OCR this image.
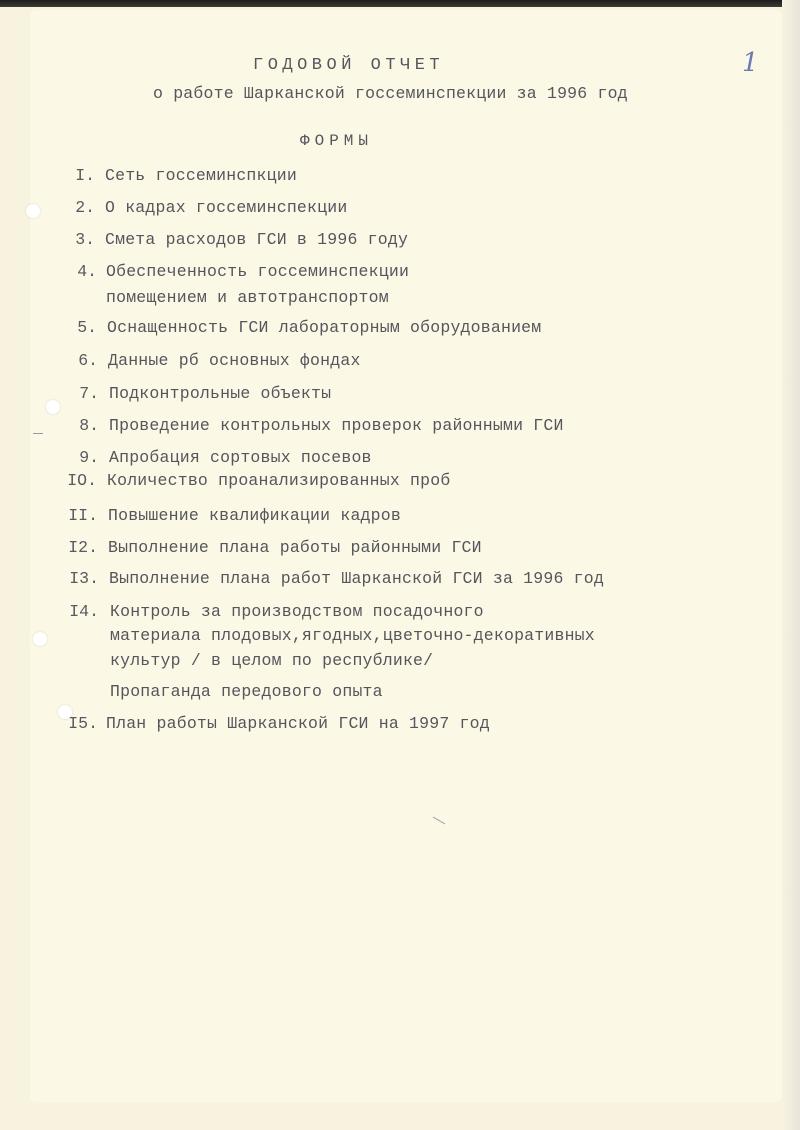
ГОДОВОЙ ОТЧЕТ
о работе Шарканской госсеминспекции за 1996 год
1
ФОРМЫ
I. Сеть госсеминспкции
2. О кадрах госсеминспекции
3. Смета расходов ГСИ в 1996 году
4. Обеспеченность госсеминспекции
помещением и автотранспортом
5. Оснащенность ГСИ лабораторным оборудованием
6. Данные рб основных фондах
7. Подконтрольные объекты
8. Проведение контрольных проверок районными ГСИ
9. Апробация сортовых посевов
IO. Количество проанализированных проб
II. Повышение квалификации кадров
I2. Выполнение плана работы районными ГСИ
I3. Выполнение плана работ Шарканской ГСИ за 1996 год
I4. Контроль за производством посадочного
материала плодовых,ягодных,цветочно-декоративных
культур / в целом по республике/
Пропаганда передового опыта
I5. План работы Шарканской ГСИ на 1997 год
